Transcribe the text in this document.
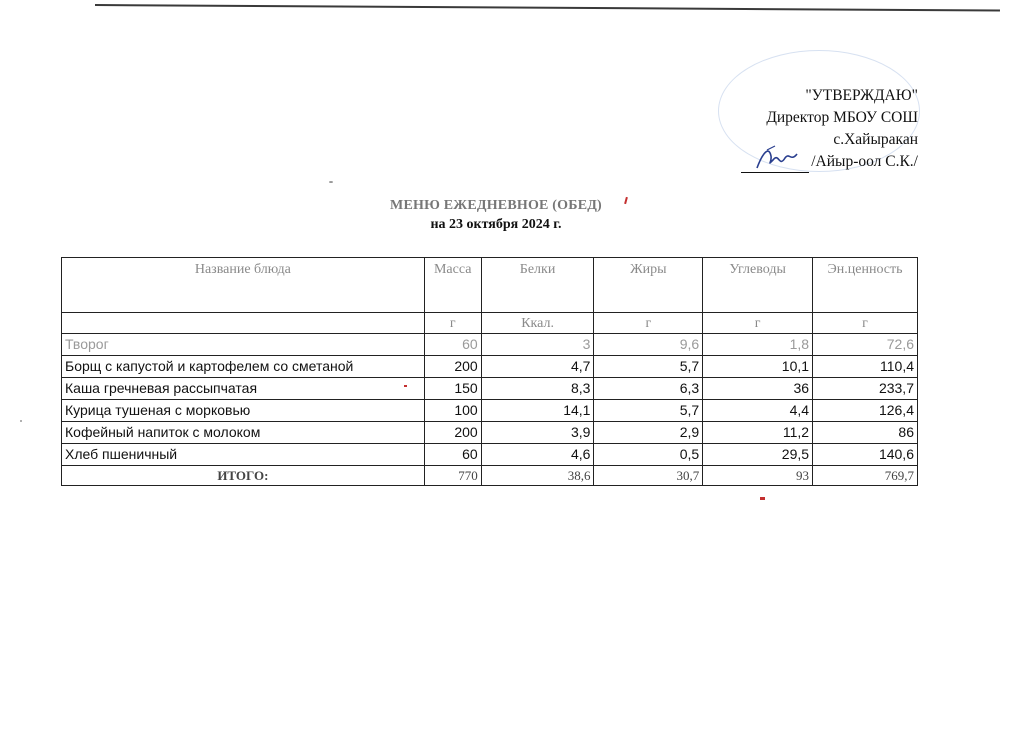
"УТВЕРЖДАЮ"
Директор МБОУ СОШ
с.Хайыракан
/Айыр-оол С.К./
МЕНЮ ЕЖЕДНЕВНОЕ (ОБЕД)
на 23 октября 2024 г.
Название блюда	Масса	Белки	Жиры	Углеводы	Эн.ценность
	г	Ккал.	г	г	г
Творог	60	3	9,6	1,8	72,6
Борщ с капустой и картофелем со сметаной	200	4,7	5,7	10,1	110,4
Каша гречневая рассыпчатая	150	8,3	6,3	36	233,7
Курица тушеная с морковью	100	14,1	5,7	4,4	126,4
Кофейный напиток с молоком	200	3,9	2,9	11,2	86
Хлеб пшеничный	60	4,6	0,5	29,5	140,6
ИТОГО:	770	38,6	30,7	93	769,7
